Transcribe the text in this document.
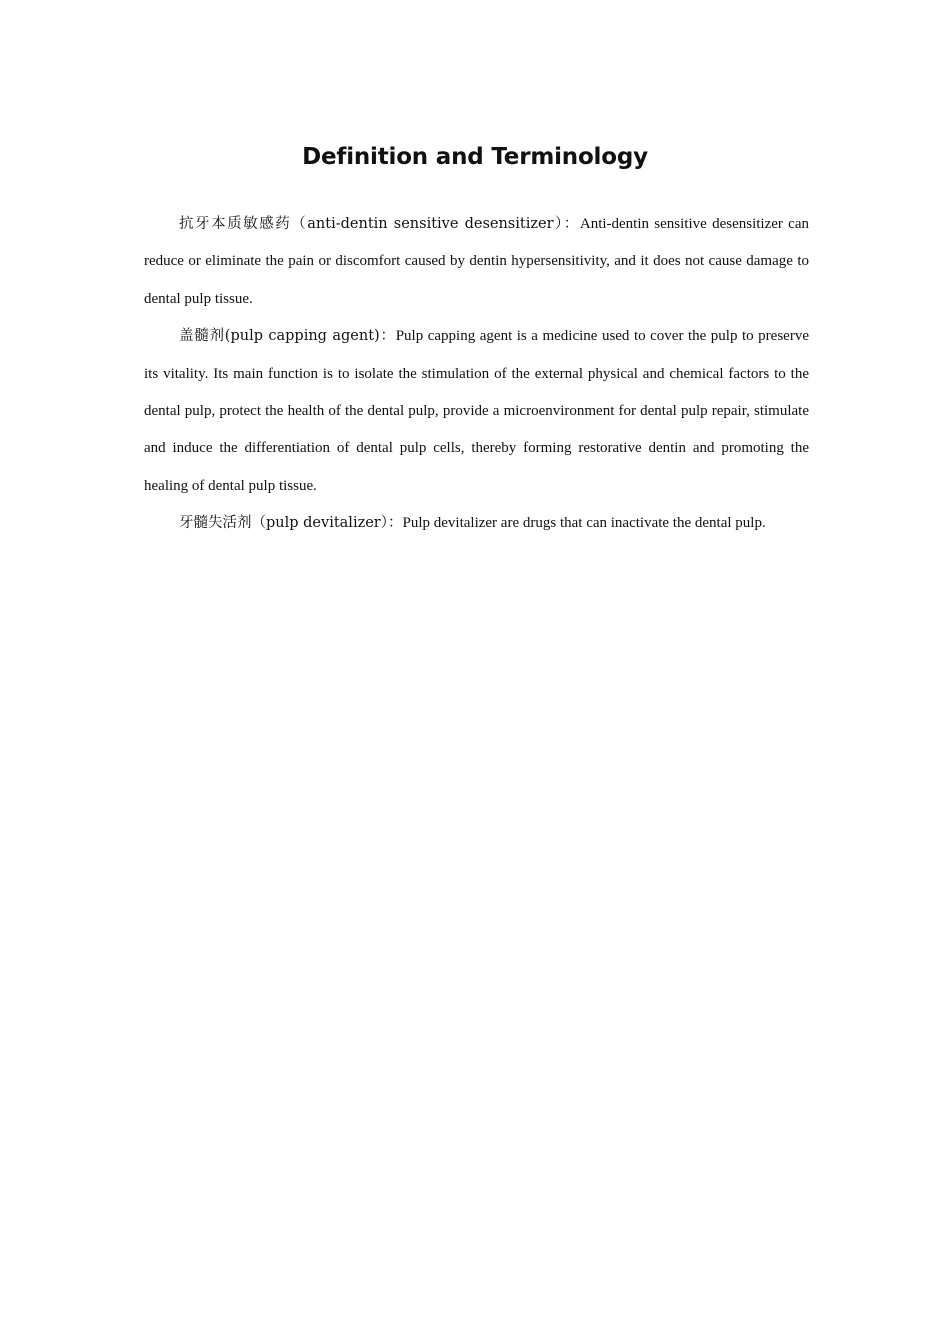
Definition and Terminology

抗牙本质敏感药（anti-dentin sensitive desensitizer）：Anti-dentin sensitive desensitizer can reduce or eliminate the pain or discomfort caused by dentin hypersensitivity, and it does not cause damage to dental pulp tissue.

盖髓剂(pulp capping agent)：Pulp capping agent is a medicine used to cover the pulp to preserve its vitality. Its main function is to isolate the stimulation of the external physical and chemical factors to the dental pulp, protect the health of the dental pulp, provide a microenvironment for dental pulp repair, stimulate and induce the differentiation of dental pulp cells, thereby forming restorative dentin and promoting the healing of dental pulp tissue.

牙髓失活剂（pulp devitalizer）：Pulp devitalizer are drugs that can inactivate the dental pulp.
